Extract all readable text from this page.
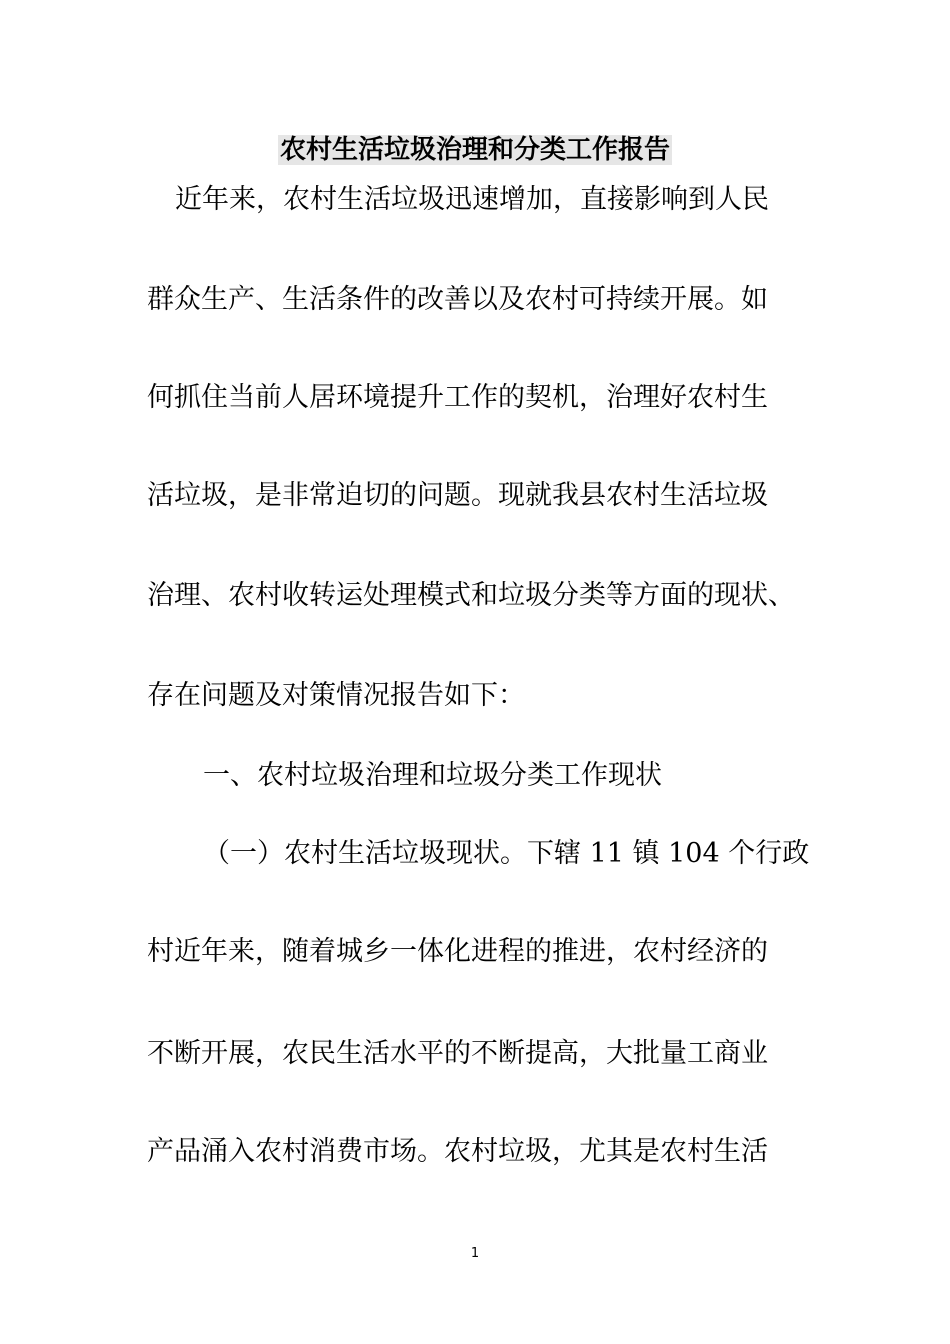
农村生活垃圾治理和分类工作报告
近年来，农村生活垃圾迅速增加，直接影响到人民
群众生产、生活条件的改善以及农村可持续开展。如
何抓住当前人居环境提升工作的契机，治理好农村生
活垃圾，是非常迫切的问题。现就我县农村生活垃圾
治理、农村收转运处理模式和垃圾分类等方面的现状、
存在问题及对策情况报告如下：
一、农村垃圾治理和垃圾分类工作现状
（一）农村生活垃圾现状。下辖 11 镇 104 个行政
村近年来，随着城乡一体化进程的推进，农村经济的
不断开展，农民生活水平的不断提高，大批量工商业
产品涌入农村消费市场。农村垃圾，尤其是农村生活
1
